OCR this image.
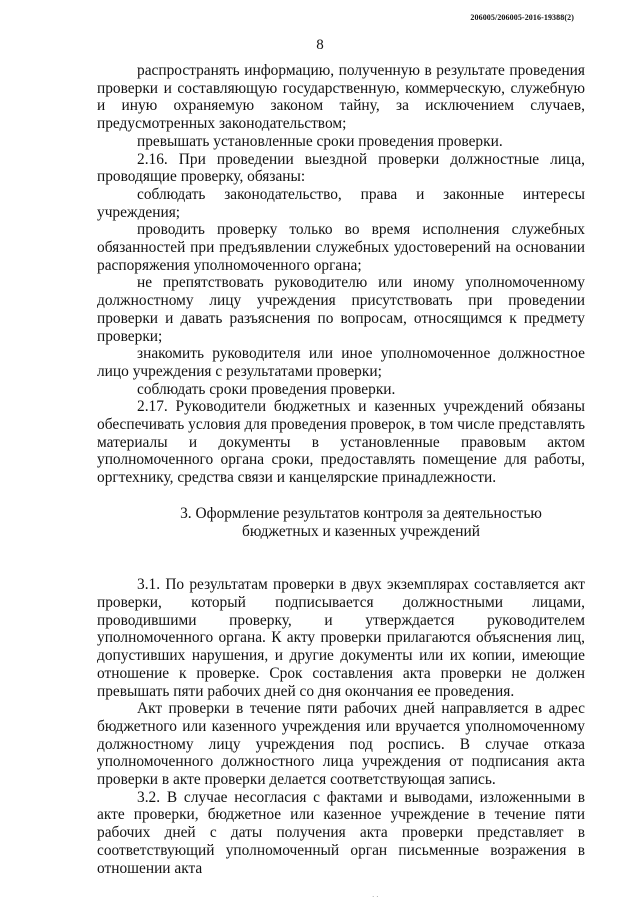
206005/206005-2016-19388(2)
8

распространять информацию, полученную в результате проведения проверки и составляющую государственную, коммерческую, служебную и иную охраняемую законом тайну, за исключением случаев, предусмотренных законодательством;

превышать установленные сроки проведения проверки.

2.16. При проведении выездной проверки должностные лица, проводящие проверку, обязаны:

соблюдать законодательство, права и законные интересы учреждения;

проводить проверку только во время исполнения служебных обязанностей при предъявлении служебных удостоверений на основании распоряжения уполномоченного органа;

не препятствовать руководителю или иному уполномоченному должностному лицу учреждения присутствовать при проведении проверки и давать разъяснения по вопросам, относящимся к предмету проверки;

знакомить руководителя или иное уполномоченное должностное лицо учреждения с результатами проверки;

соблюдать сроки проведения проверки.

2.17. Руководители бюджетных и казенных учреждений обязаны обеспечивать условия для проведения проверок, в том числе представлять материалы и документы в установленные правовым актом уполномоченного органа сроки, предоставлять помещение для работы, оргтехнику, средства связи и канцелярские принадлежности.

3. Оформление результатов контроля за деятельностью

бюджетных и казенных учреждений

3.1. По результатам проверки в двух экземплярах составляется акт проверки, который подписывается должностными лицами, проводившими проверку, и утверждается руководителем уполномоченного органа. К акту проверки прилагаются объяснения лиц, допустивших нарушения, и другие документы или их копии, имеющие отношение к проверке. Срок составления акта проверки не должен превышать пяти рабочих дней со дня окончания ее проведения.

Акт проверки в течение пяти рабочих дней направляется в адрес бюджетного или казенного учреждения или вручается уполномоченному должностному лицу учреждения под роспись. В случае отказа уполномоченного должностного лица учреждения от подписания акта проверки в акте проверки делается соответствующая запись.

3.2. В случае несогласия с фактами и выводами, изложенными в акте проверки, бюджетное или казенное учреждение в течение пяти рабочих дней с даты получения акта проверки представляет в соответствующий уполномоченный орган письменные возражения в отношении акта

· ·
